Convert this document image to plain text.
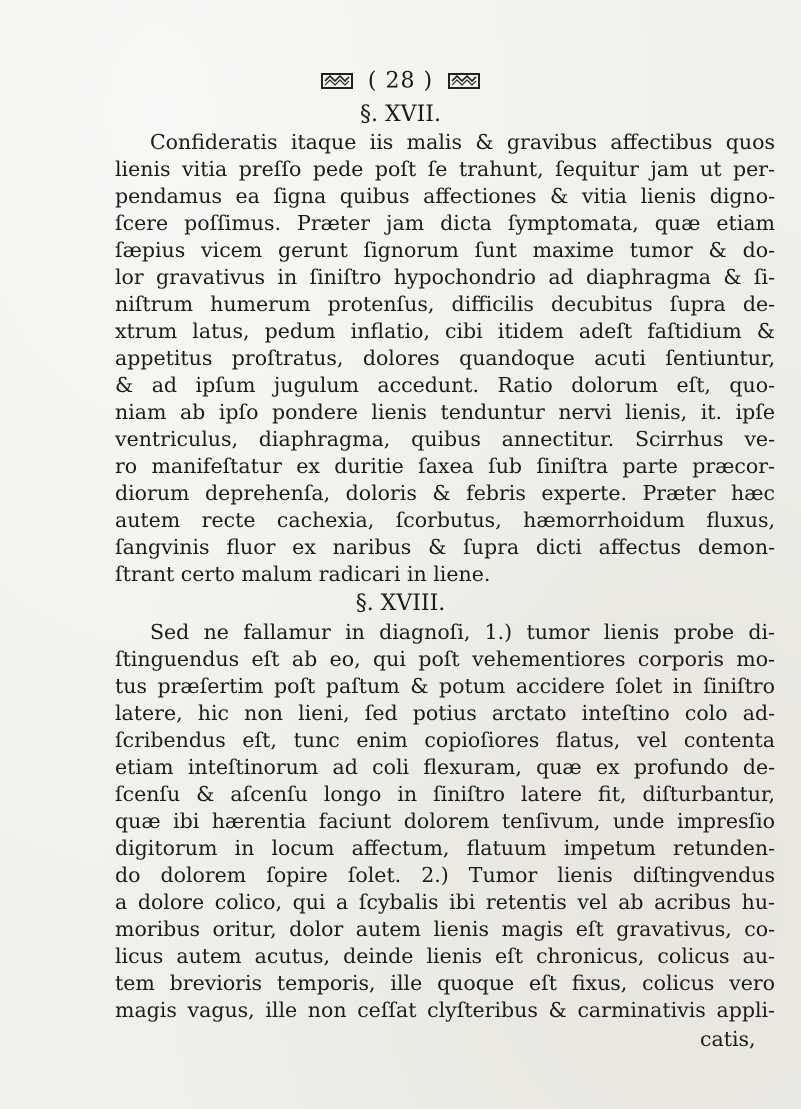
( 28 )
§. XVII.
Confideratis itaque iis malis & gravibus affectibus quos
lienis vitia preſſo pede poſt ſe trahunt, ſequitur jam ut per-
pendamus ea ſigna quibus affectiones & vitia lienis digno-
ſcere poſſimus. Præter jam dicta ſymptomata, quæ etiam
ſæpius vicem gerunt ſignorum ſunt maxime tumor & do-
lor gravativus in ſiniſtro hypochondrio ad diaphragma & ſi-
niſtrum humerum protenſus, difficilis decubitus ſupra de-
xtrum latus, pedum inflatio, cibi itidem adeſt faſtidium &
appetitus proſtratus, dolores quandoque acuti ſentiuntur,
& ad ipſum jugulum accedunt. Ratio dolorum eſt, quo-
niam ab ipſo pondere lienis tenduntur nervi lienis, it. ipſe
ventriculus, diaphragma, quibus annectitur. Scirrhus ve-
ro manifeſtatur ex duritie ſaxea ſub ſiniſtra parte præcor-
diorum deprehenſa, doloris & febris experte. Præter hæc
autem recte cachexia, ſcorbutus, hæmorrhoidum fluxus,
ſangvinis fluor ex naribus & ſupra dicti affectus demon-
ſtrant certo malum radicari in liene.
§. XVIII.
Sed ne fallamur in diagnoſi, 1.) tumor lienis probe di-
ſtinguendus eſt ab eo, qui poſt vehementiores corporis mo-
tus præſertim poſt paſtum & potum accidere ſolet in ſiniſtro
latere, hic non lieni, ſed potius arctato inteſtino colo ad-
ſcribendus eſt, tunc enim copioſiores flatus, vel contenta
etiam inteſtinorum ad coli flexuram, quæ ex profundo de-
ſcenſu & aſcenſu longo in ſiniſtro latere fit, diſturbantur,
quæ ibi hærentia faciunt dolorem tenſivum, unde impresſio
digitorum in locum affectum, flatuum impetum retunden-
do dolorem ſopire ſolet. 2.) Tumor lienis diſtingvendus
a dolore colico, qui a ſcybalis ibi retentis vel ab acribus hu-
moribus oritur, dolor autem lienis magis eſt gravativus, co-
licus autem acutus, deinde lienis eſt chronicus, colicus au-
tem brevioris temporis, ille quoque eſt fixus, colicus vero
magis vagus, ille non ceſſat clyſteribus & carminativis appli-
catis,
